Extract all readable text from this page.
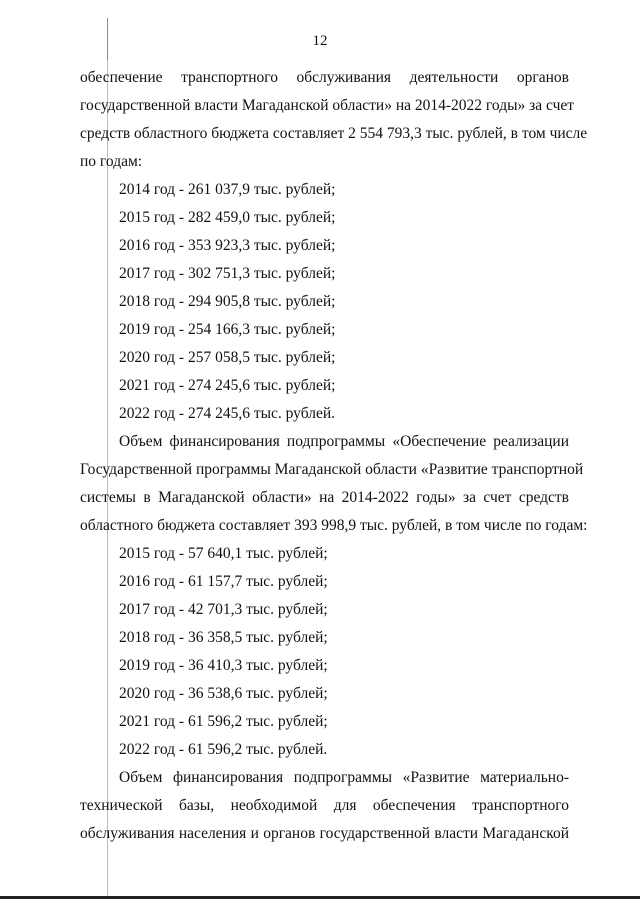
12
обеспечение транспортного обслуживания деятельности органов
государственной власти Магаданской области» на 2014-2022 годы» за счет
средств областного бюджета составляет 2 554 793,3 тыс. рублей, в том числе
по годам:
2014 год - 261 037,9 тыс. рублей;
2015 год - 282 459,0 тыс. рублей;
2016 год - 353 923,3 тыс. рублей;
2017 год - 302 751,3 тыс. рублей;
2018 год - 294 905,8 тыс. рублей;
2019 год - 254 166,3 тыс. рублей;
2020 год - 257 058,5 тыс. рублей;
2021 год - 274 245,6 тыс. рублей;
2022 год - 274 245,6 тыс. рублей.
Объем финансирования подпрограммы «Обеспечение реализации
Государственной программы Магаданской области «Развитие транспортной
системы в Магаданской области» на 2014-2022 годы» за счет средств
областного бюджета составляет 393 998,9 тыс. рублей, в том числе по годам:
2015 год - 57 640,1 тыс. рублей;
2016 год - 61 157,7 тыс. рублей;
2017 год - 42 701,3 тыс. рублей;
2018 год - 36 358,5 тыс. рублей;
2019 год - 36 410,3 тыс. рублей;
2020 год - 36 538,6 тыс. рублей;
2021 год - 61 596,2 тыс. рублей;
2022 год - 61 596,2 тыс. рублей.
Объем финансирования подпрограммы «Развитие материально-
технической базы, необходимой для обеспечения транспортного
обслуживания населения и органов государственной власти Магаданской
